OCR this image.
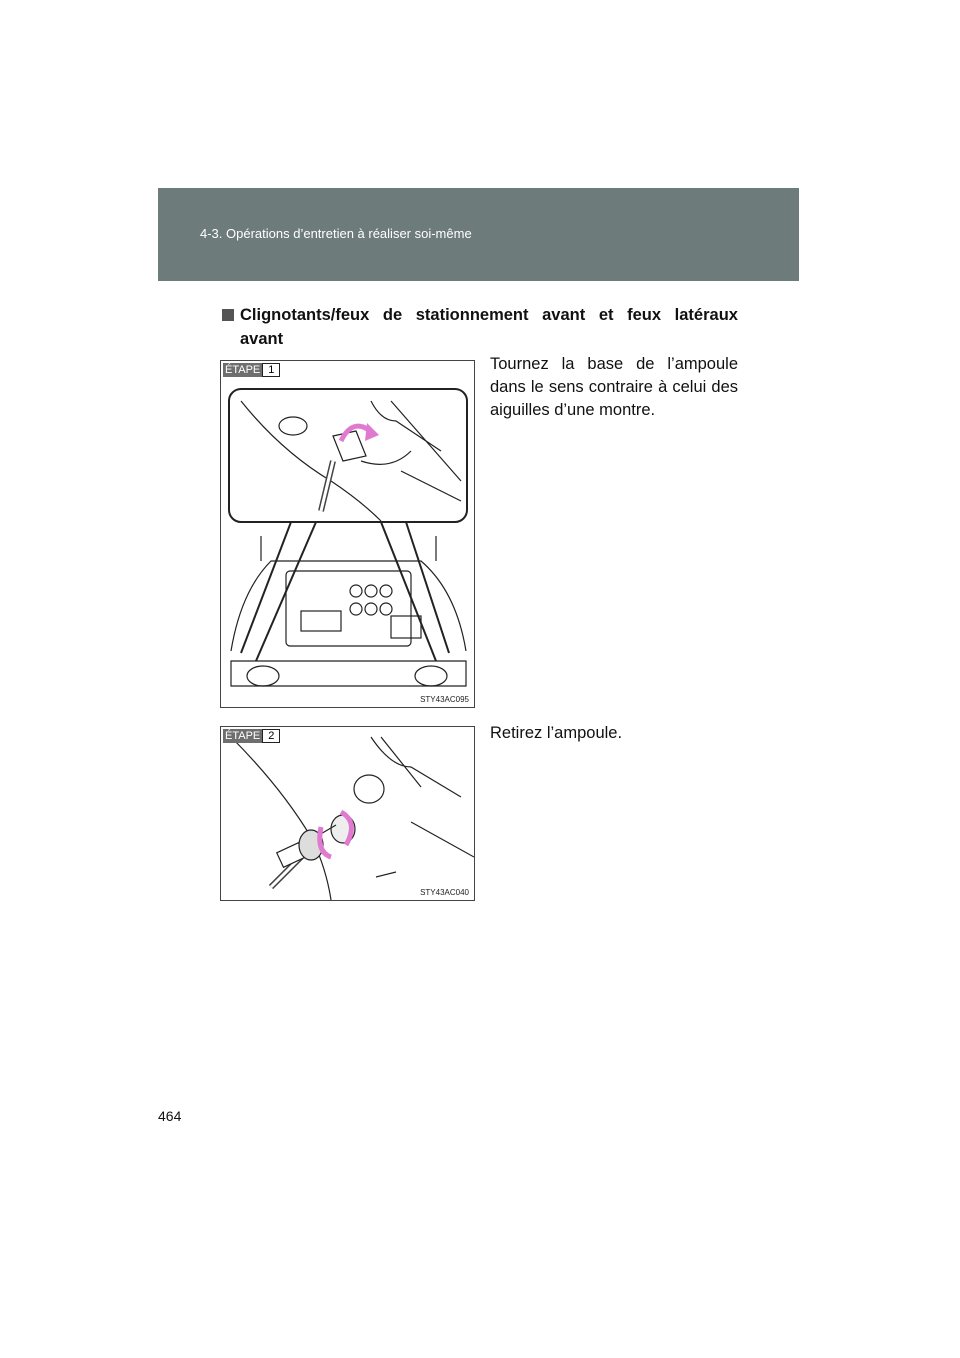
4-3. Opérations d’entretien à réaliser soi-même
Clignotants/feux de stationnement avant et feux latéraux
avant
ÉTAPE 1
STY43AC095
Tournez la base de l’ampoule dans le sens contraire à celui des aiguilles d’une montre.
ÉTAPE 2
STY43AC040
Retirez l’ampoule.
464
